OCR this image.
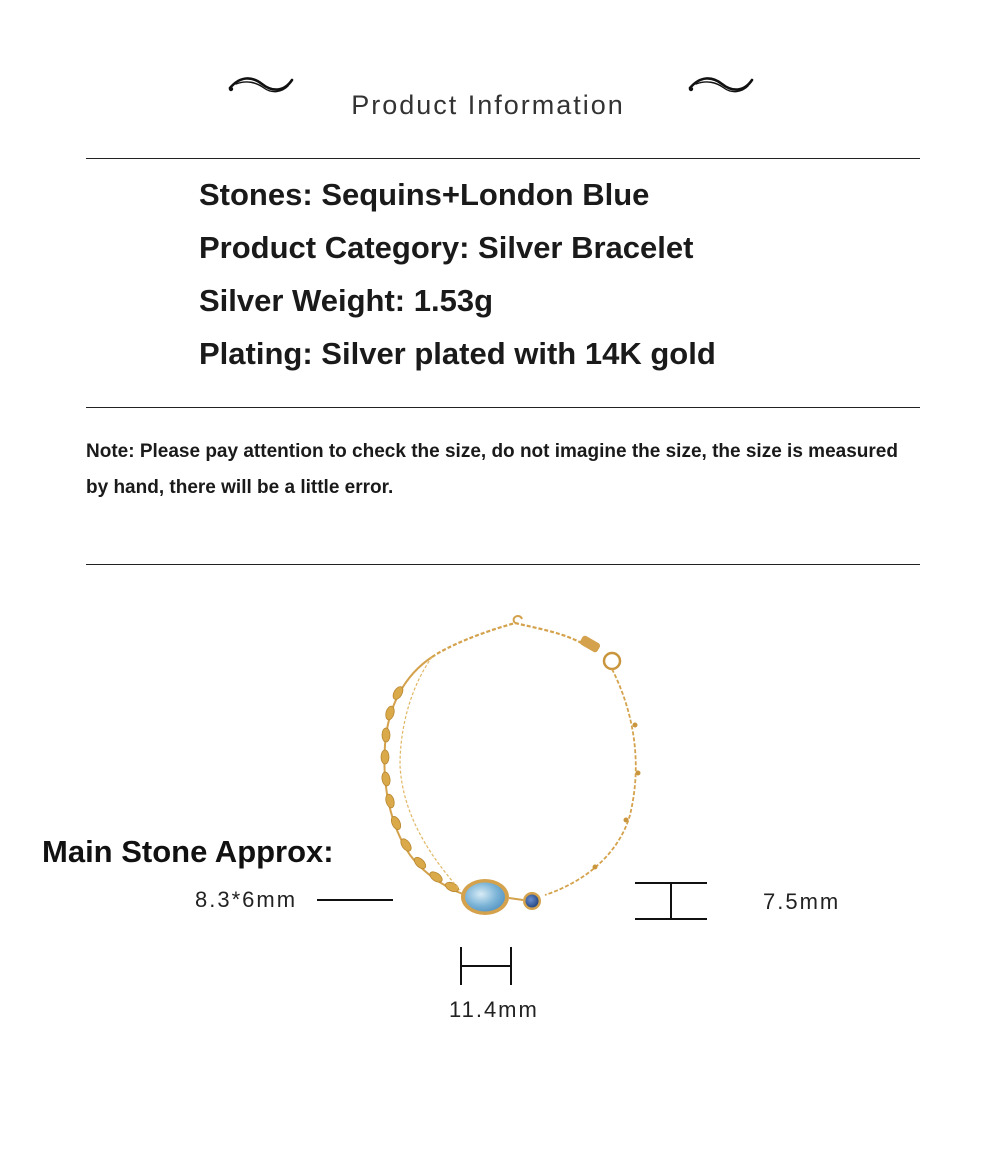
Product Information
Stones: Sequins+London Blue
Product Category: Silver Bracelet
Silver Weight: 1.53g
Plating: Silver plated with 14K gold
Note: Please pay attention to check the size, do not imagine the size, the size is measured by hand, there will be a little error.
Main Stone Approx:
8.3*6mm	7.5mm
11.4mm
